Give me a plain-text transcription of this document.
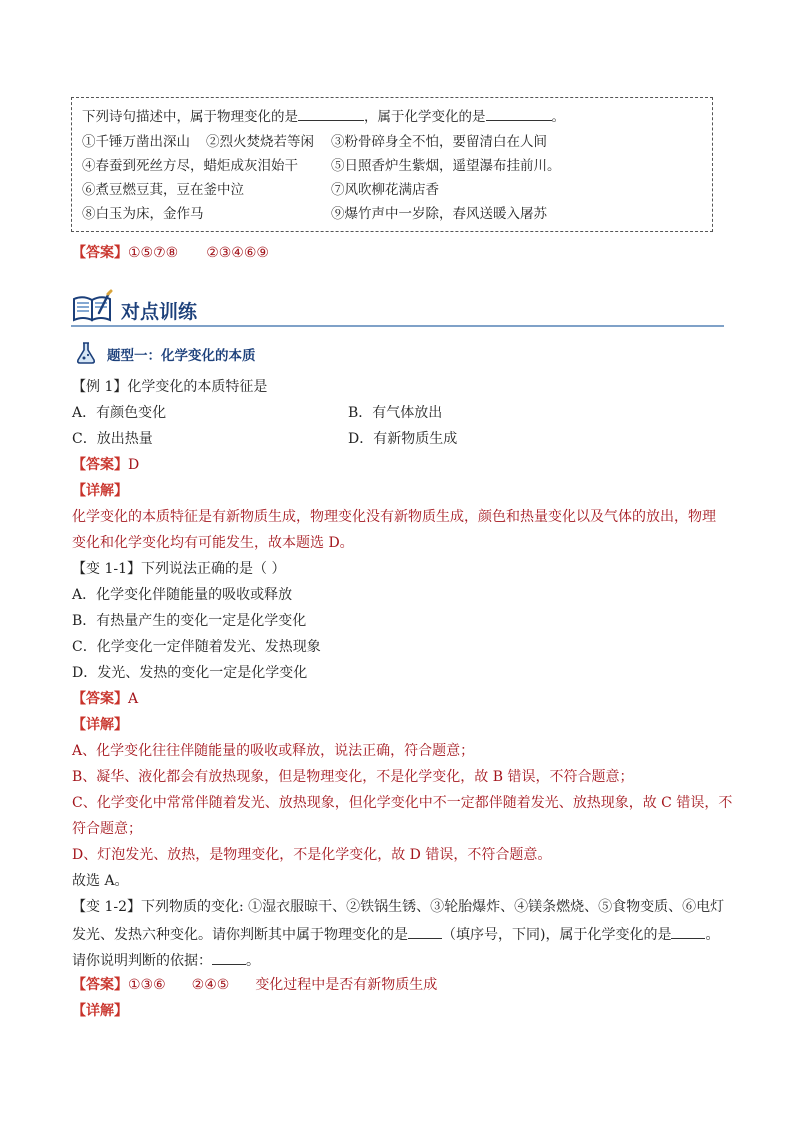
下列诗句描述中，属于物理变化的是	，属于化学变化的是	。
①千锤万凿出深山 ②烈火焚烧若等闲 ③粉骨碎身全不怕，要留清白在人间
④春蚕到死丝方尽，蜡炬成灰泪始干 ⑤日照香炉生紫烟，遥望瀑布挂前川。
⑥煮豆燃豆萁，豆在釜中泣	⑦风吹柳花满店香
⑧白玉为床，金作马	⑨爆竹声中一岁除，春风送暖入屠苏
【答案】①⑤⑦⑧ ②③④⑥⑨
对点训练
题型一：化学变化的本质
【例 1】化学变化的本质特征是
A．有颜色变化	B．有气体放出
C．放出热量	D．有新物质生成
【答案】D
【详解】
化学变化的本质特征是有新物质生成，物理变化没有新物质生成，颜色和热量变化以及气体的放出，物理
变化和化学变化均有可能发生，故本题选 D。
【变 1-1】下列说法正确的是（ ）
A．化学变化伴随能量的吸收或释放
B．有热量产生的变化一定是化学变化
C．化学变化一定伴随着发光、发热现象
D．发光、发热的变化一定是化学变化
【答案】A
【详解】
A、化学变化往往伴随能量的吸收或释放，说法正确，符合题意；
B、凝华、液化都会有放热现象，但是物理变化，不是化学变化，故 B 错误，不符合题意；
C、化学变化中常常伴随着发光、放热现象，但化学变化中不一定都伴随着发光、放热现象，故 C 错误，不
符合题意；
D、灯泡发光、放热，是物理变化，不是化学变化，故 D 错误，不符合题意。
故选 A。
【变 1-2】下列物质的变化: ①湿衣服晾干、②铁锅生锈、③轮胎爆炸、④镁条燃烧、⑤食物变质、⑥电灯
发光、发热六种变化。请你判断其中属于物理变化的是 （填序号，下同)，属于化学变化的是 。
请你说明判断的依据： 。
【答案】①③⑥ ②④⑤ 变化过程中是否有新物质生成
【详解】
